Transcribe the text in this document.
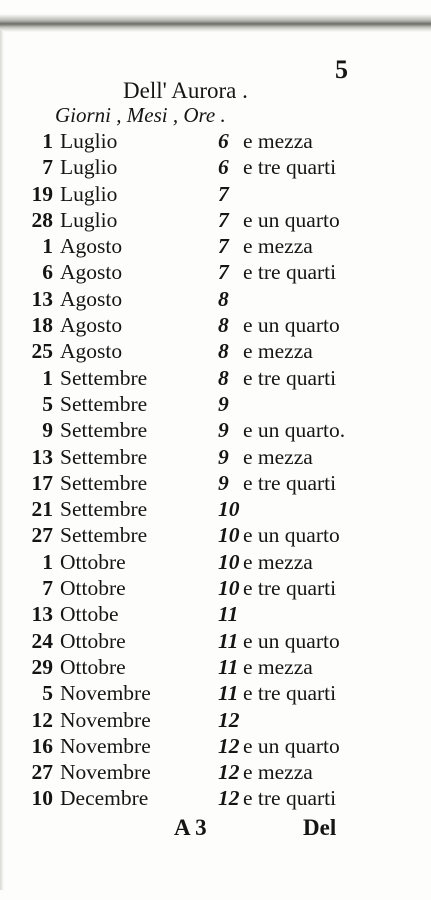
5
Dell' Aurora .
Giorni , Mesi , Ore .
1 Luglio	6 e mezza
7 Luglio	6 e tre quarti
19 Luglio	7
28 Luglio	7 e un quarto
1 Agosto	7 e mezza
6 Agosto	7 e tre quarti
13 Agosto	8
18 Agosto	8 e un quarto
25 Agosto	8 e mezza
1 Settembre	8 e tre quarti
5 Settembre	9
9 Settembre	9 e un quarto.
13 Settembre	9 e mezza
17 Settembre	9 e tre quarti
21 Settembre	10
27 Settembre	10 e un quarto
1 Ottobre	10 e mezza
7 Ottobre	10 e tre quarti
13 Ottobe	11
24 Ottobre	11 e un quarto
29 Ottobre	11 e mezza
5 Novembre	11 e tre quarti
12 Novembre	12
16 Novembre	12 e un quarto
27 Novembre	12 e mezza
10 Decembre	12 e tre quarti
A 3	Del
